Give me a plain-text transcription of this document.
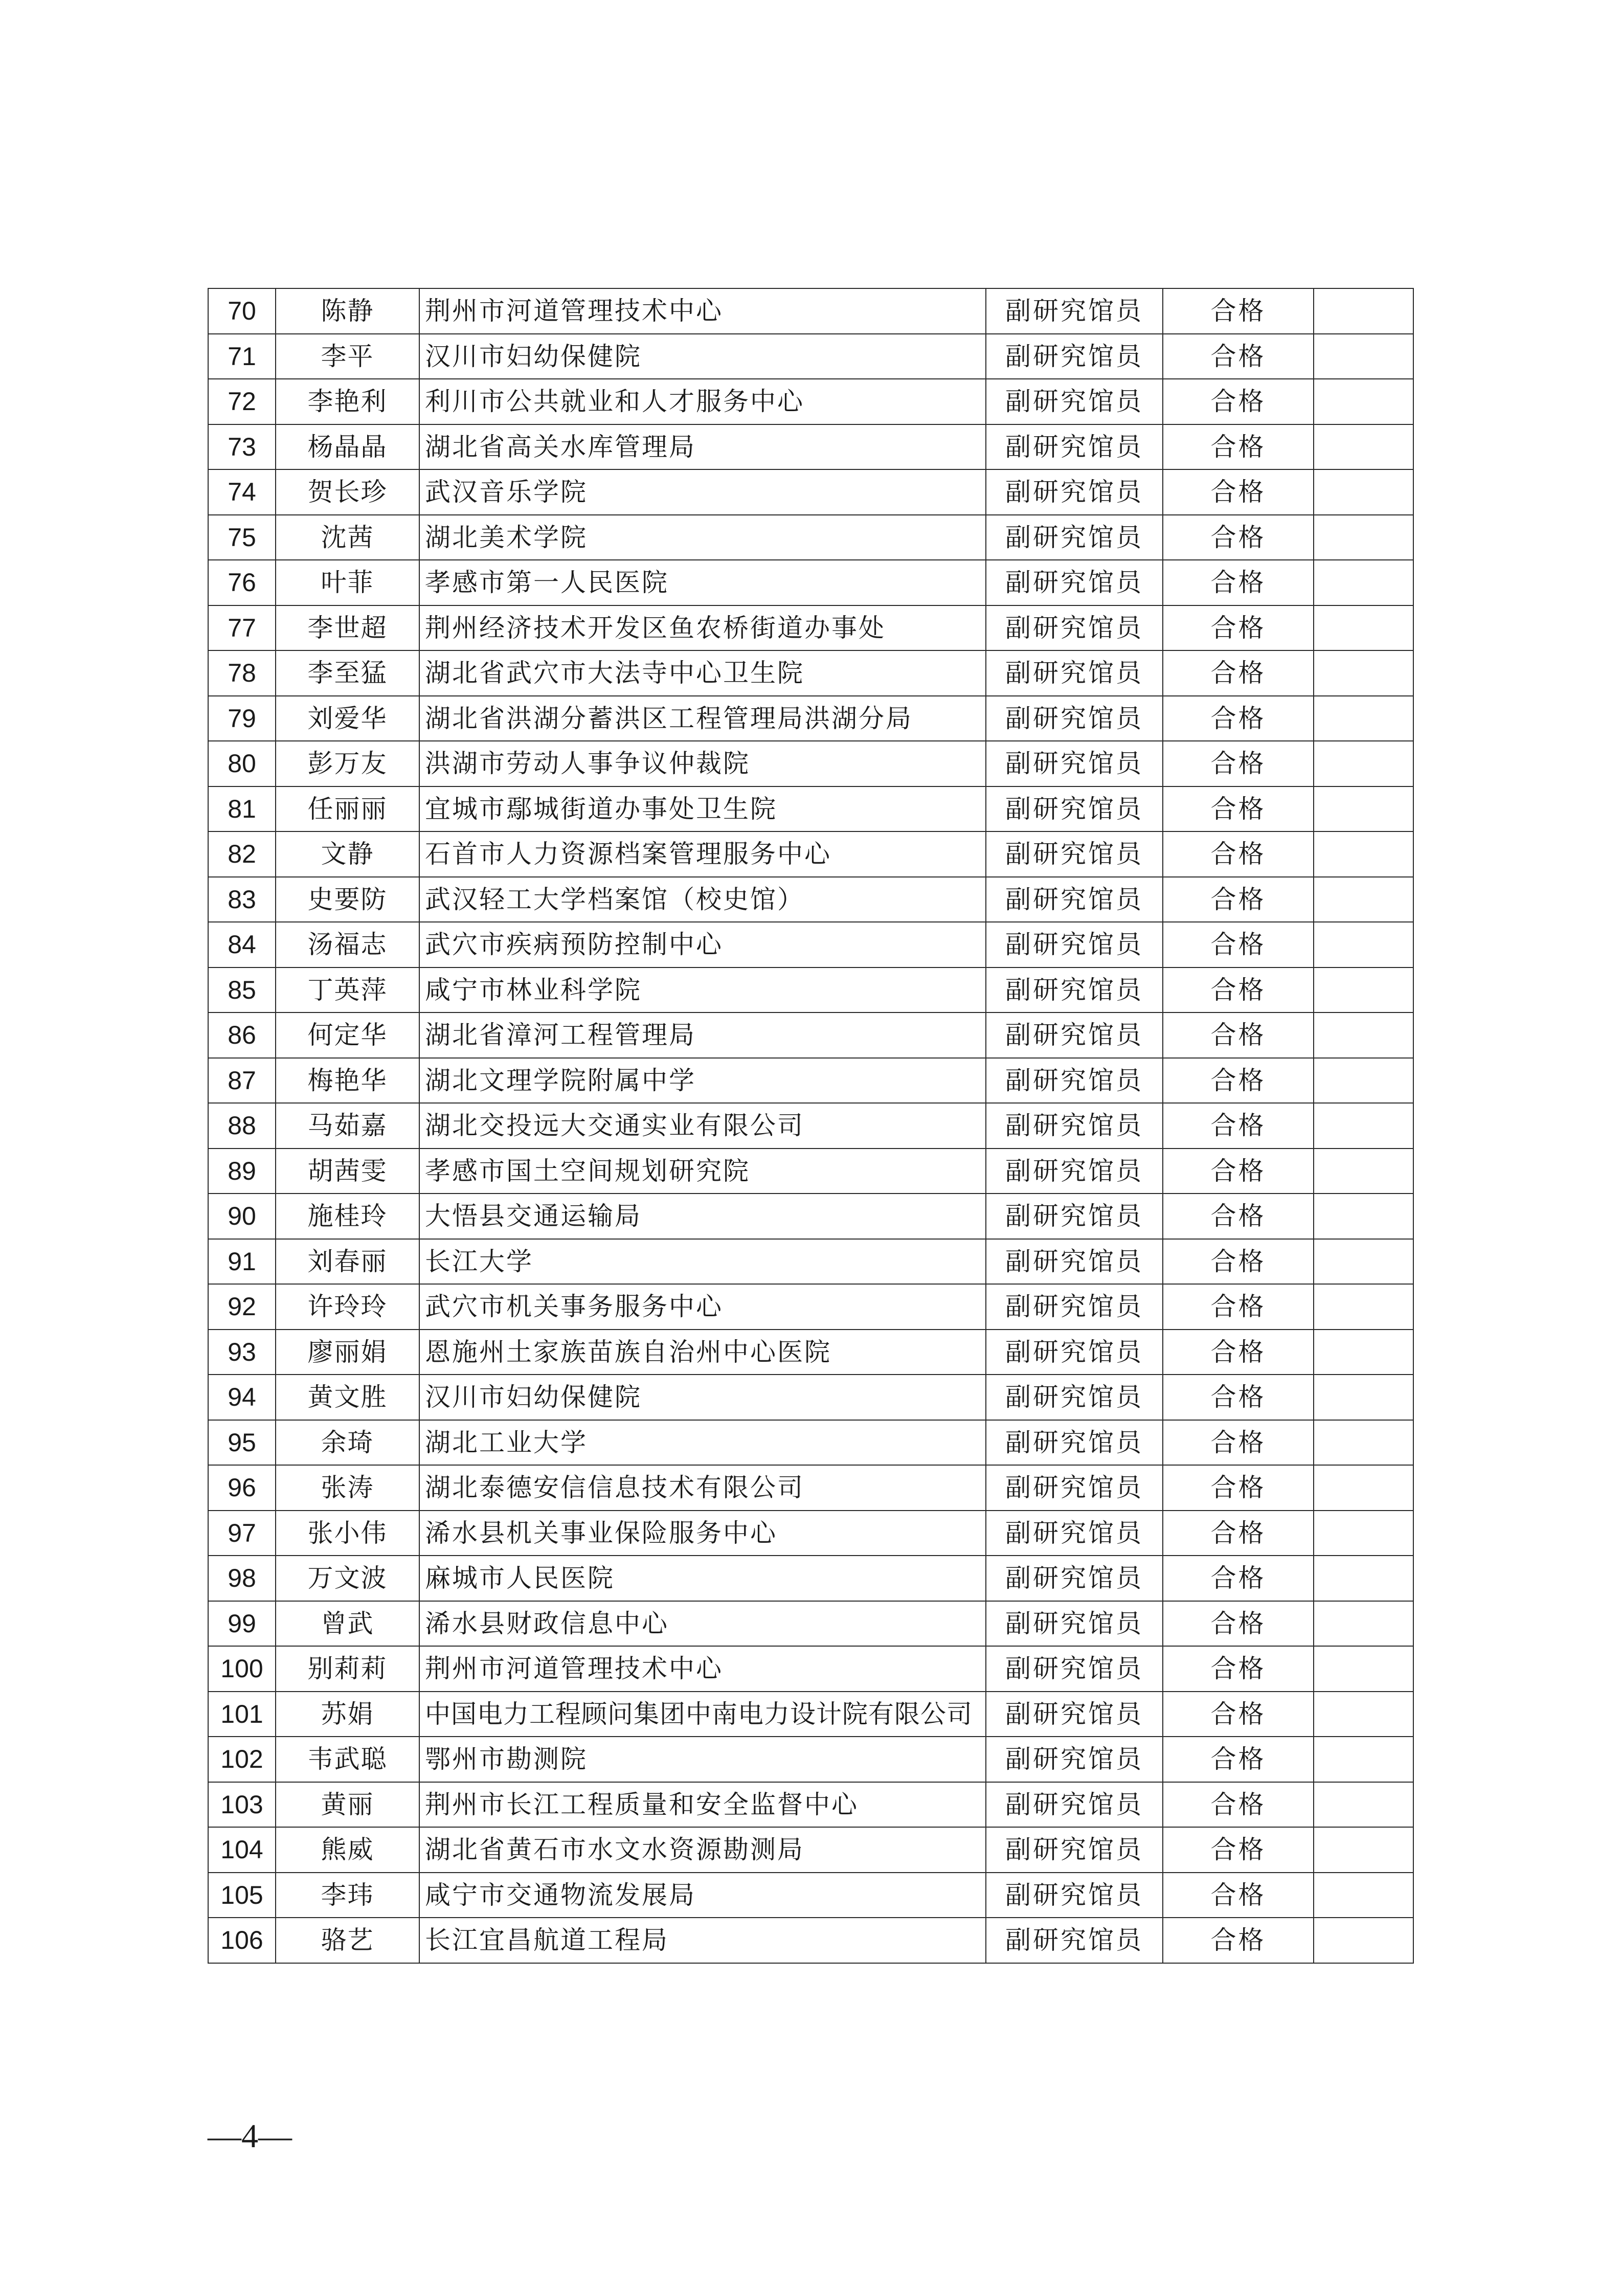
70	陈静	荆州市河道管理技术中心	副研究馆员	合格	
71	李平	汉川市妇幼保健院	副研究馆员	合格	
72	李艳利	利川市公共就业和人才服务中心	副研究馆员	合格	
73	杨晶晶	湖北省高关水库管理局	副研究馆员	合格	
74	贺长珍	武汉音乐学院	副研究馆员	合格	
75	沈茜	湖北美术学院	副研究馆员	合格	
76	叶菲	孝感市第一人民医院	副研究馆员	合格	
77	李世超	荆州经济技术开发区鱼农桥街道办事处	副研究馆员	合格	
78	李至猛	湖北省武穴市大法寺中心卫生院	副研究馆员	合格	
79	刘爱华	湖北省洪湖分蓄洪区工程管理局洪湖分局	副研究馆员	合格	
80	彭万友	洪湖市劳动人事争议仲裁院	副研究馆员	合格	
81	任丽丽	宜城市鄢城街道办事处卫生院	副研究馆员	合格	
82	文静	石首市人力资源档案管理服务中心	副研究馆员	合格	
83	史要防	武汉轻工大学档案馆（校史馆）	副研究馆员	合格	
84	汤福志	武穴市疾病预防控制中心	副研究馆员	合格	
85	丁英萍	咸宁市林业科学院	副研究馆员	合格	
86	何定华	湖北省漳河工程管理局	副研究馆员	合格	
87	梅艳华	湖北文理学院附属中学	副研究馆员	合格	
88	马茹嘉	湖北交投远大交通实业有限公司	副研究馆员	合格	
89	胡茜雯	孝感市国土空间规划研究院	副研究馆员	合格	
90	施桂玲	大悟县交通运输局	副研究馆员	合格	
91	刘春丽	长江大学	副研究馆员	合格	
92	许玲玲	武穴市机关事务服务中心	副研究馆员	合格	
93	廖丽娟	恩施州土家族苗族自治州中心医院	副研究馆员	合格	
94	黄文胜	汉川市妇幼保健院	副研究馆员	合格	
95	余琦	湖北工业大学	副研究馆员	合格	
96	张涛	湖北泰德安信信息技术有限公司	副研究馆员	合格	
97	张小伟	浠水县机关事业保险服务中心	副研究馆员	合格	
98	万文波	麻城市人民医院	副研究馆员	合格	
99	曾武	浠水县财政信息中心	副研究馆员	合格	
100	别莉莉	荆州市河道管理技术中心	副研究馆员	合格	
101	苏娟	中国电力工程顾问集团中南电力设计院有限公司	副研究馆员	合格	
102	韦武聪	鄂州市勘测院	副研究馆员	合格	
103	黄丽	荆州市长江工程质量和安全监督中心	副研究馆员	合格	
104	熊威	湖北省黄石市水文水资源勘测局	副研究馆员	合格	
105	李玮	咸宁市交通物流发展局	副研究馆员	合格	
106	骆艺	长江宜昌航道工程局	副研究馆员	合格	
—4—
